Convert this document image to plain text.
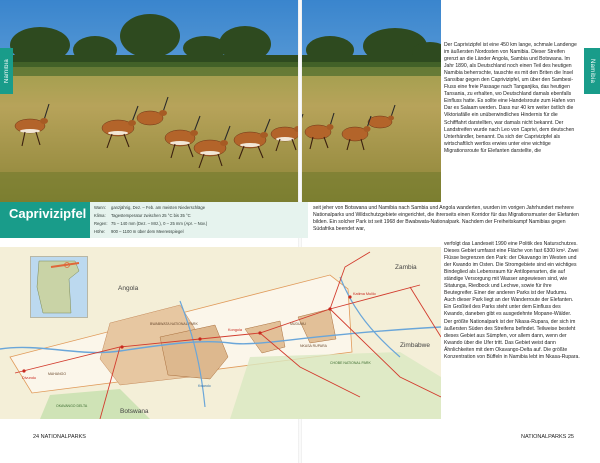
Namibia	Namibia

Der Caprivizipfel ist eine 450 km lange, schmale Landenge im äußersten Nordosten von Namibia. Dieser Streifen grenzt an die Länder Angola, Sambia und Botswana. Im Jahr 1890, als Deutschland noch einen Teil des heutigen Namibia beherrschte, tauschte es mit den Briten die Insel Sansibar gegen den Caprivizipfel, um über den Sambesi-Fluss eine freie Passage nach Tanganjika, das heutigen Tansania, zu erhalten, wo Deutschland damals ebenfalls Einfluss hatte. Es sollte eine Handelsroute zum Hafen von Dar es Salaam werden. Dass nur 40 km weiter östlich die Viktoriafälle ein unüberwindliches Hindernis für die Schifffahrt darstellten, war damals nicht bekannt. Der Landstreifen wurde nach Leo von Caprivi, dem deutschen Unterhändler, benannt. Da sich der Caprivizipfel als wirtschaftlich wertlos erwies unter eine wichtige Migrationsroute für Elefanten darstellte, die

Caprivizipfel Wann: ganzjährig, Dez. – Feb. am meisten Niederschläge
Klima: Tagestemperatur zwischen 25 °C bis 35 °C
Regen: 75 – 140 mm (Dez. – Mrz.), 0 – 25 mm (Apr. – Nov.)
Höhe: 900 – 1100 m über dem Meeresspiegel

seit jeher von Botswana und Namibia nach Sambia und Angola wanderten, wurden im vorigen Jahrhundert mehrere Nationalparks und Wildschutzgebiete eingerichtet, die ihrerseits einen Korridor für das Migrationsmuster der Elefanten bilden. Ein solcher Park ist seit 1968 der Bwabwata-Nationalpark. Nachdem der Freiheitskampf Namibias gegen Südafrika beendet war,

verfolgt das Landeseit 1990 eine Politik des Naturschutzes. Dieses Gebiet umfasst eine Fläche von fast 6300 km². Zwei Flüsse begrenzen den Park: der Okavango im Westen und der Kwando im Osten. Die Stromgebiete sind ein wichtiges Bindeglied als Lebensraum für Antilopenarten, die auf ständige Versorgung mit Wasser angewiesen sind, wie Sitatunga, Riedbock und Lechwe, sowie für ihre Beutegreifer. Einer der anderen Parks ist der Mudumu. Auch dieser Park liegt an der Wanderroute der Elefanten. Ein Großteil des Parks steht unter dem Einfluss des Kwando, daneben gibt es ausgedehnte Mopane-Wälder. Der größte Nationalpark ist der Nkasa-Rupara, der sich im äußersten Süden des Streifens befindet. Teilweise besteht dieses Gebiet aus Sümpfen, vor allem dann, wenn der Kwando über die Ufer tritt. Das Gebiet weist dann Ähnlichkeiten mit dem Okavango-Delta auf. Die größte Konzentration von Büffeln in Namibia lebt im Nkasa-Rupara.

Angola
Zambia
Botswana
Zimbabwe
BWABWATA NATIONAL PARK	MUDUMU
NKASA RUPARA
CHOBE NATIONAL PARK
OKAVANGO DELTA
Katima Mulilo
Kongola
Divundu
MAHANGO
Kwando
24 NATIONALPARKS	NATIONALPARKS 25
